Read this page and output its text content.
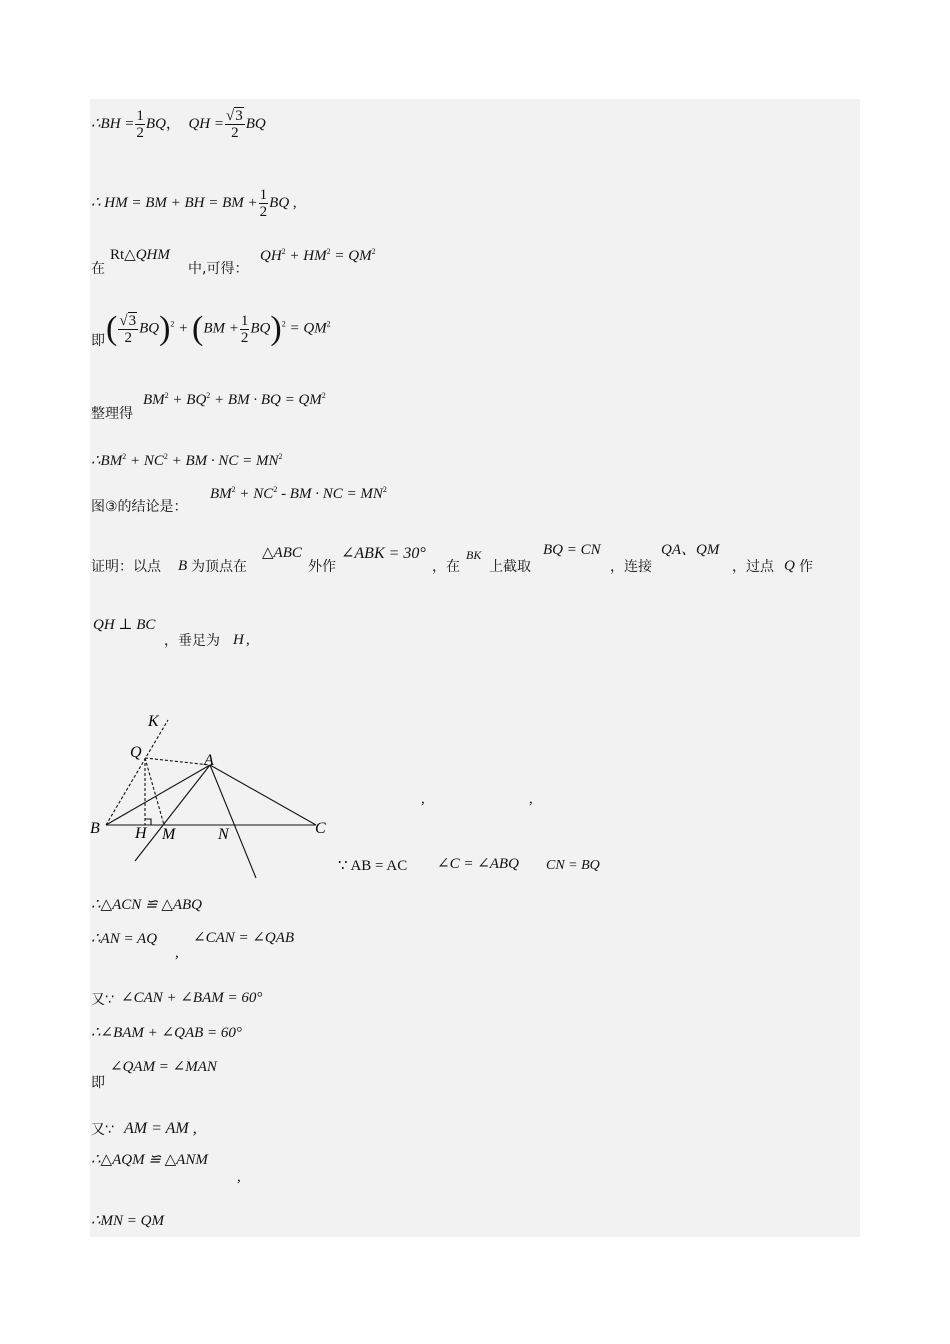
∴BH = $\frac{1}{2}$ BQ，  QH = $\frac{√3}{2}$ BQ
∴ HM = BM + BH = BM + $\frac{1}{2}$ BQ ,
在
Rt△QHM
中,可得：
$QH^2 + HM^2 = QM^2$
即 ( $\frac{√3}{2} BQ)^2 + (BM + \frac{1}{2} BQ)^2 = QM^2$
整理得
$BM^2 + BQ^2$ + BM · BQ = $QM^2$
$\therefore BM^2 + NC^2$ + BM · NC = $MN^2$
图③的结论是：
$BM^2 + NC^2$ - BM · NC = $MN^2$
证明：以点 B 为顶点在
△ABC
外作
∠ABK = 30°
，在
BK
上截取
BQ = CN
，连接
QA、QM
，过点 Q 作
QH ⊥ BC
，垂足为 H ,
K
Q	A
B H M	N	C
,	,
∵ AB = AC ∠C = ∠ABQ CN = BQ
∴△ACN ≌ △ABQ
∴AN = AQ
,
∠CAN = ∠QAB
又∵ ∠CAN + ∠BAM = 60°
∴∠BAM + ∠QAB = 60°
即
∠QAM = ∠MAN
又∵ AM = AM ,
∴△AQM ≌ △ANM
,
∴MN = QM
